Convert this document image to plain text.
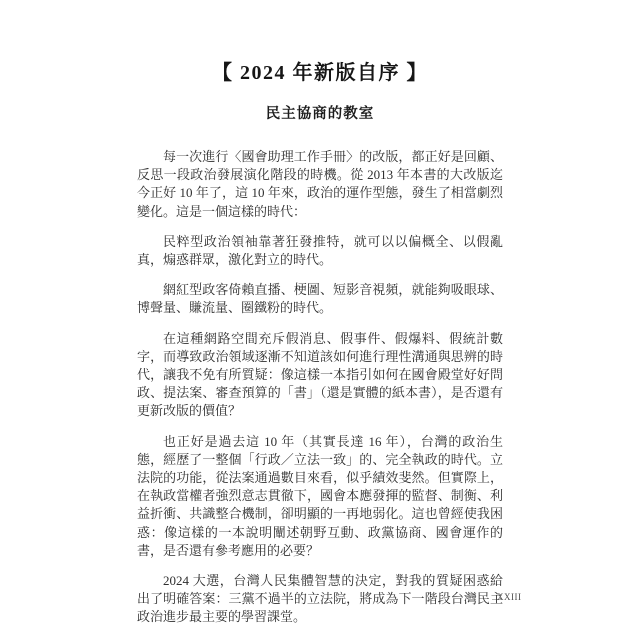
【 2024 年新版自序 】
民主協商的教室

每一次進行〈國會助理工作手冊〉的改版，都正好是回顧、反思一段政治發展演化階段的時機。從 2013 年本書的大改版迄今正好 10 年了，這 10 年來，政治的運作型態，發生了相當劇烈變化。這是一個這樣的時代：

民粹型政治領袖靠著狂發推特，就可以以偏概全、以假亂真，煽惑群眾，激化對立的時代。

網紅型政客倚賴直播、梗圖、短影音視頻，就能夠吸眼球、博聲量、賺流量、圈鐵粉的時代。

在這種網路空間充斥假消息、假事件、假爆料、假統計數字，而導致政治領域逐漸不知道該如何進行理性溝通與思辨的時代，讓我不免有所質疑：像這樣一本指引如何在國會殿堂好好問政、提法案、審查預算的「書」（還是實體的紙本書），是否還有更新改版的價值？

也正好是過去這 10 年（其實長達 16 年），台灣的政治生態，經歷了一整個「行政／立法一致」的、完全執政的時代。立法院的功能，從法案通過數目來看，似乎績效斐然。但實際上，在執政當權者強烈意志貫徹下，國會本應發揮的監督、制衡、利益折衝、共識整合機制，卻明顯的一再地弱化。這也曾經使我困惑：像這樣的一本說明闡述朝野互動、政黨協商、國會運作的書，是否還有參考應用的必要？

2024 大選，台灣人民集體智慧的決定，對我的質疑困惑給出了明確答案：三黨不過半的立法院，將成為下一階段台灣民主政治進步最主要的學習課堂。

XXIII
